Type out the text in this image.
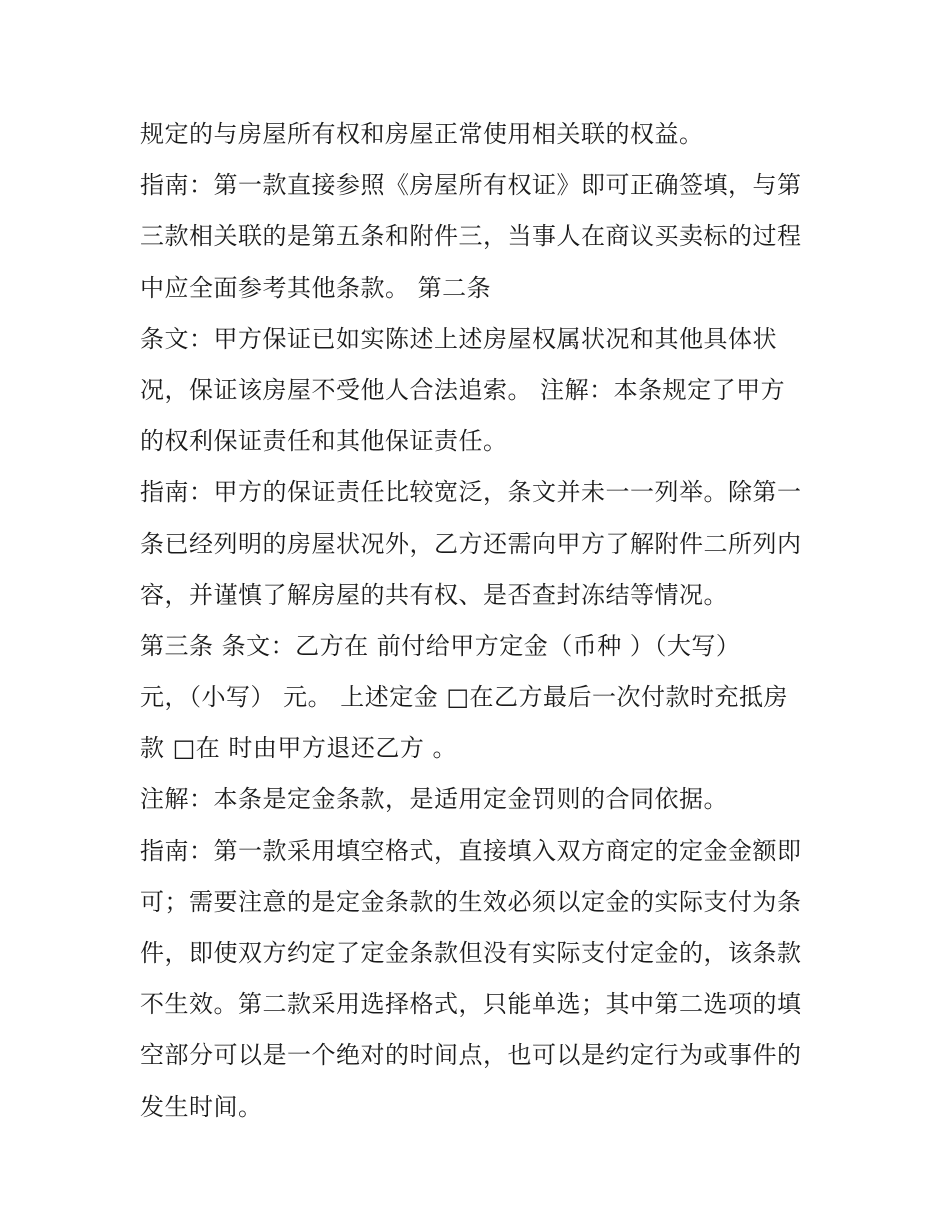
规定的与房屋所有权和房屋正常使用相关联的权益。
指南：第一款直接参照《房屋所有权证》即可正确签填，与第
三款相关联的是第五条和附件三，当事人在商议买卖标的过程
中应全面参考其他条款。 第二条
条文：甲方保证已如实陈述上述房屋权属状况和其他具体状
况，保证该房屋不受他人合法追索。 注解：本条规定了甲方
的权利保证责任和其他保证责任。
指南：甲方的保证责任比较宽泛，条文并未一一列举。除第一
条已经列明的房屋状况外，乙方还需向甲方了解附件二所列内
容，并谨慎了解房屋的共有权、是否查封冻结等情况。
第三条 条文：乙方在 前付给甲方定金（币种 ）（大写）
元，（小写） 元。 上述定金 □在乙方最后一次付款时充抵房
款 □在 时由甲方退还乙方 。
注解：本条是定金条款，是适用定金罚则的合同依据。
指南：第一款采用填空格式，直接填入双方商定的定金金额即
可；需要注意的是定金条款的生效必须以定金的实际支付为条
件，即使双方约定了定金条款但没有实际支付定金的，该条款
不生效。第二款采用选择格式，只能单选；其中第二选项的填
空部分可以是一个绝对的时间点，也可以是约定行为或事件的
发生时间。
